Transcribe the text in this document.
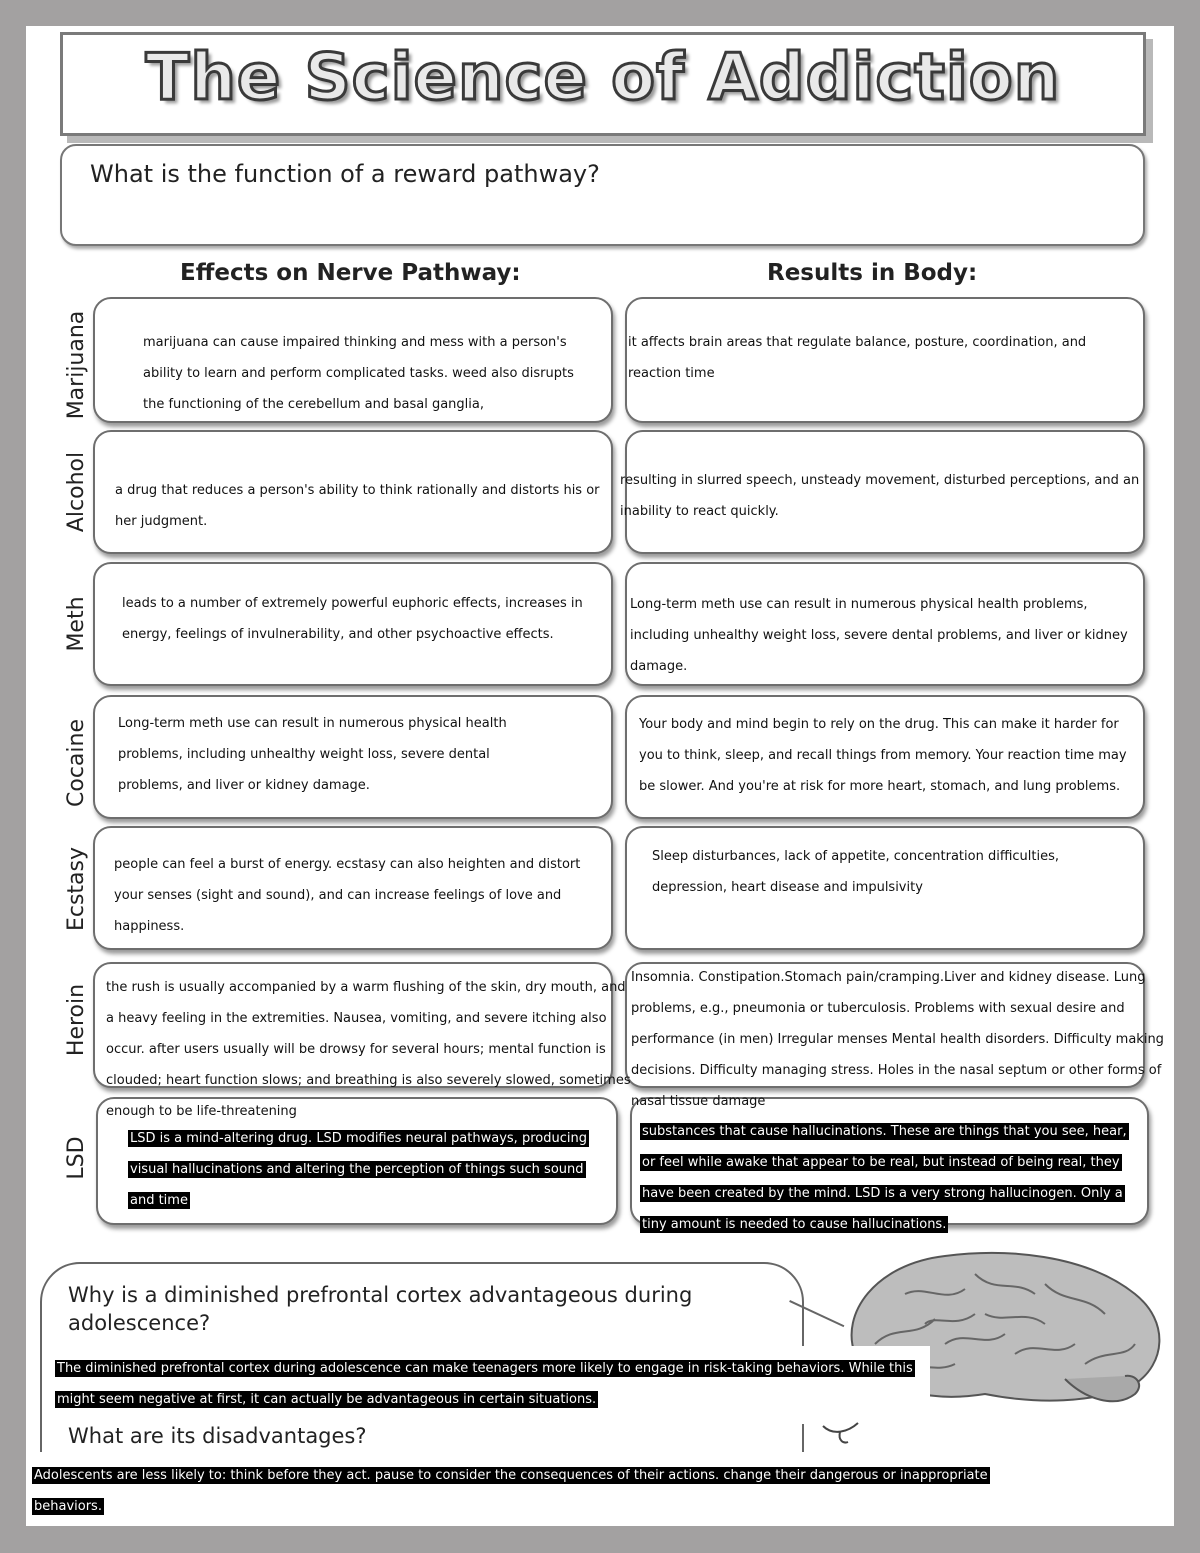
The Science of Addiction
What is the function of a reward pathway?
Effects on Nerve Pathway:	Results in Body:
Marijuana
Alcohol
Meth
Cocaine
Ecstasy
Heroin
LSD
marijuana can cause impaired thinking and mess with a person's ability to learn and perform complicated tasks. weed also disrupts the functioning of the cerebellum and basal ganglia,
a drug that reduces a person's ability to think rationally and distorts his or her judgment.
leads to a number of extremely powerful euphoric effects, increases in energy, feelings of invulnerability, and other psychoactive effects.
Long-term meth use can result in numerous physical health problems, including unhealthy weight loss, severe dental problems, and liver or kidney damage.
people can feel a burst of energy. ecstasy can also heighten and distort your senses (sight and sound), and can increase feelings of love and happiness.
the rush is usually accompanied by a warm flushing of the skin, dry mouth, and a heavy feeling in the extremities. Nausea, vomiting, and severe itching also occur. after users usually will be drowsy for several hours; mental function is clouded; heart function slows; and breathing is also severely slowed, sometimes enough to be life-threatening
LSD is a mind-altering drug. LSD modifies neural pathways, producing visual hallucinations and altering the perception of things such sound and time
it affects brain areas that regulate balance, posture, coordination, and reaction time
resulting in slurred speech, unsteady movement, disturbed perceptions, and an inability to react quickly.
Long-term meth use can result in numerous physical health problems, including unhealthy weight loss, severe dental problems, and liver or kidney damage.
Your body and mind begin to rely on the drug. This can make it harder for you to think, sleep, and recall things from memory. Your reaction time may be slower. And you're at risk for more heart, stomach, and lung problems.
Sleep disturbances, lack of appetite, concentration difficulties, depression, heart disease and impulsivity
Insomnia. Constipation.Stomach pain/cramping.Liver and kidney disease. Lung problems, e.g., pneumonia or tuberculosis. Problems with sexual desire and performance (in men) Irregular menses Mental health disorders. Difficulty making decisions. Difficulty managing stress. Holes in the nasal septum or other forms of nasal tissue damage
substances that cause hallucinations. These are things that you see, hear, or feel while awake that appear to be real, but instead of being real, they have been created by the mind. LSD is a very strong hallucinogen. Only a tiny amount is needed to cause hallucinations.
Why is a diminished prefrontal cortex advantageous during adolescence?
The diminished prefrontal cortex during adolescence can make teenagers more likely to engage in risk-taking behaviors. While this might seem negative at first, it can actually be advantageous in certain situations.
What are its disadvantages?
Adolescents are less likely to: think before they act. pause to consider the consequences of their actions. change their dangerous or inappropriate behaviors.
